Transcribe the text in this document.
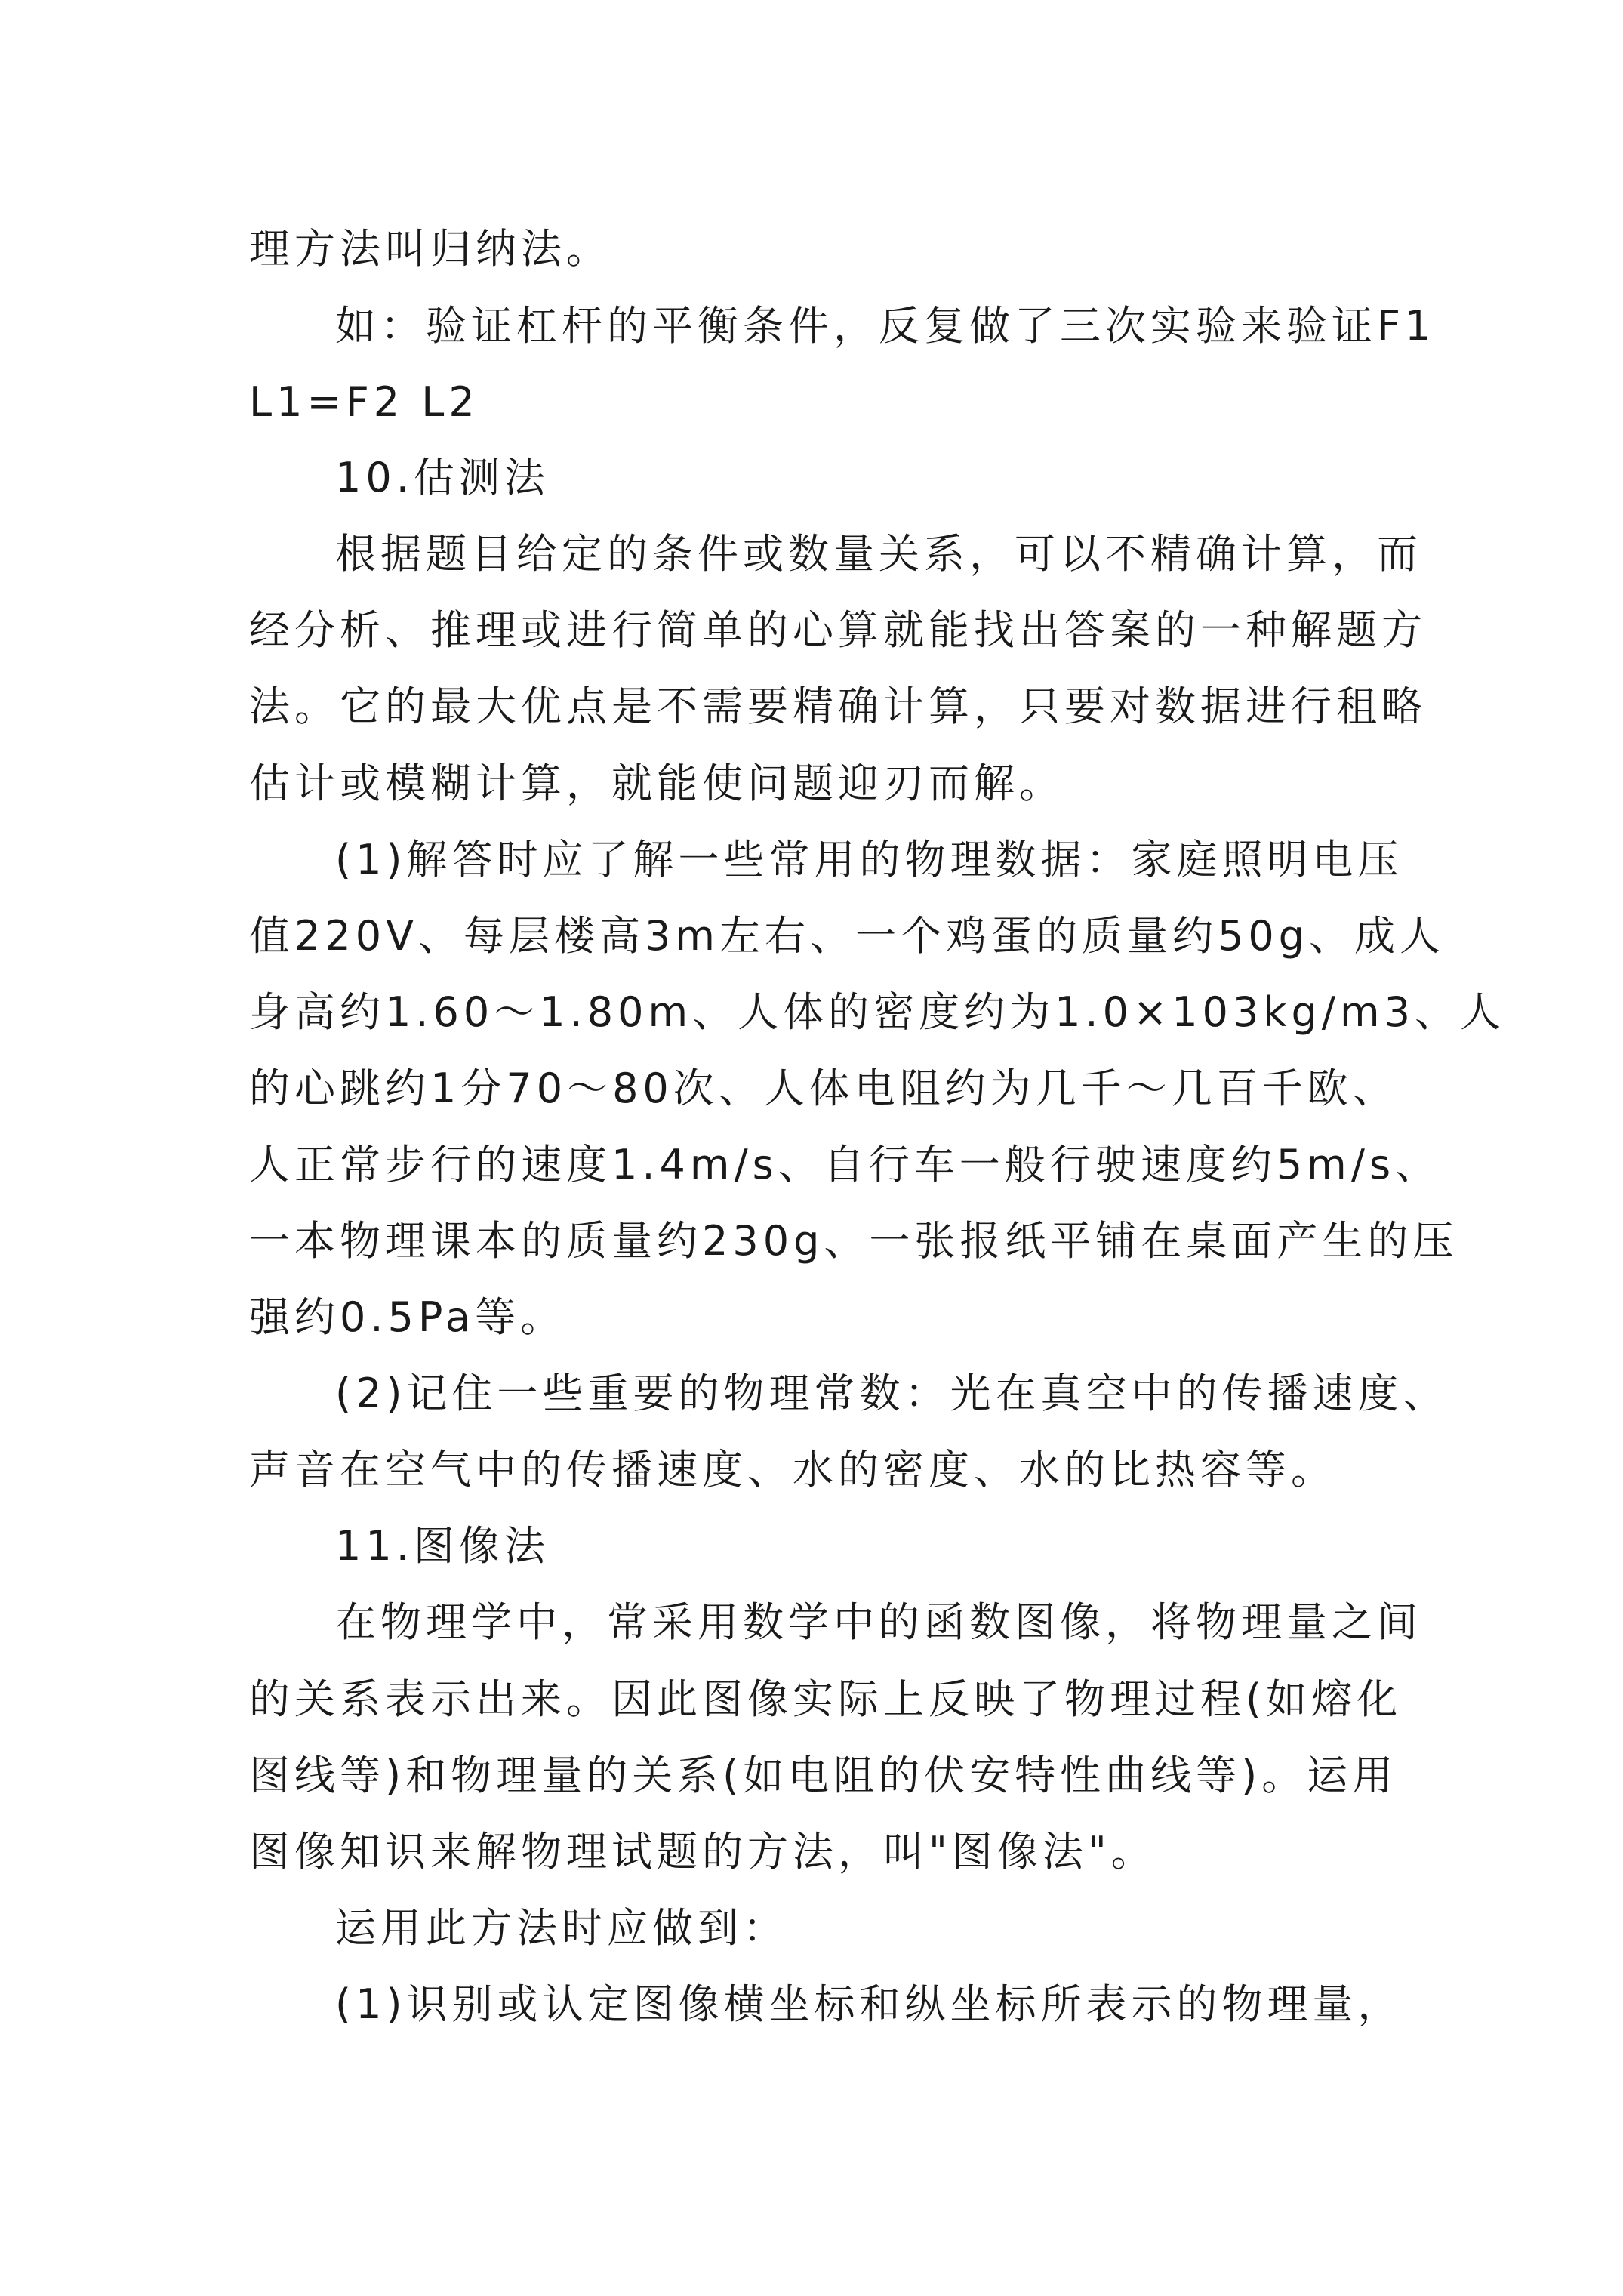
理方法叫归纳法。
如：验证杠杆的平衡条件，反复做了三次实验来验证F1
L1=F2 L2
10.估测法
根据题目给定的条件或数量关系，可以不精确计算，而
经分析、推理或进行简单的心算就能找出答案的一种解题方
法。它的最大优点是不需要精确计算，只要对数据进行租略
估计或模糊计算，就能使问题迎刃而解。
(1)解答时应了解一些常用的物理数据：家庭照明电压
值220V、每层楼高3m左右、一个鸡蛋的质量约50g、成人
身高约1.60～1.80m、人体的密度约为1.0×103kg/m3、人
的心跳约1分70～80次、人体电阻约为几千～几百千欧、
人正常步行的速度1.4m/s、自行车一般行驶速度约5m/s、
一本物理课本的质量约230g、一张报纸平铺在桌面产生的压
强约0.5Pa等。
(2)记住一些重要的物理常数：光在真空中的传播速度、
声音在空气中的传播速度、水的密度、水的比热容等。
11.图像法
在物理学中，常采用数学中的函数图像，将物理量之间
的关系表示出来。因此图像实际上反映了物理过程(如熔化
图线等)和物理量的关系(如电阻的伏安特性曲线等)。运用
图像知识来解物理试题的方法，叫"图像法"。
运用此方法时应做到：
(1)识别或认定图像横坐标和纵坐标所表示的物理量，
